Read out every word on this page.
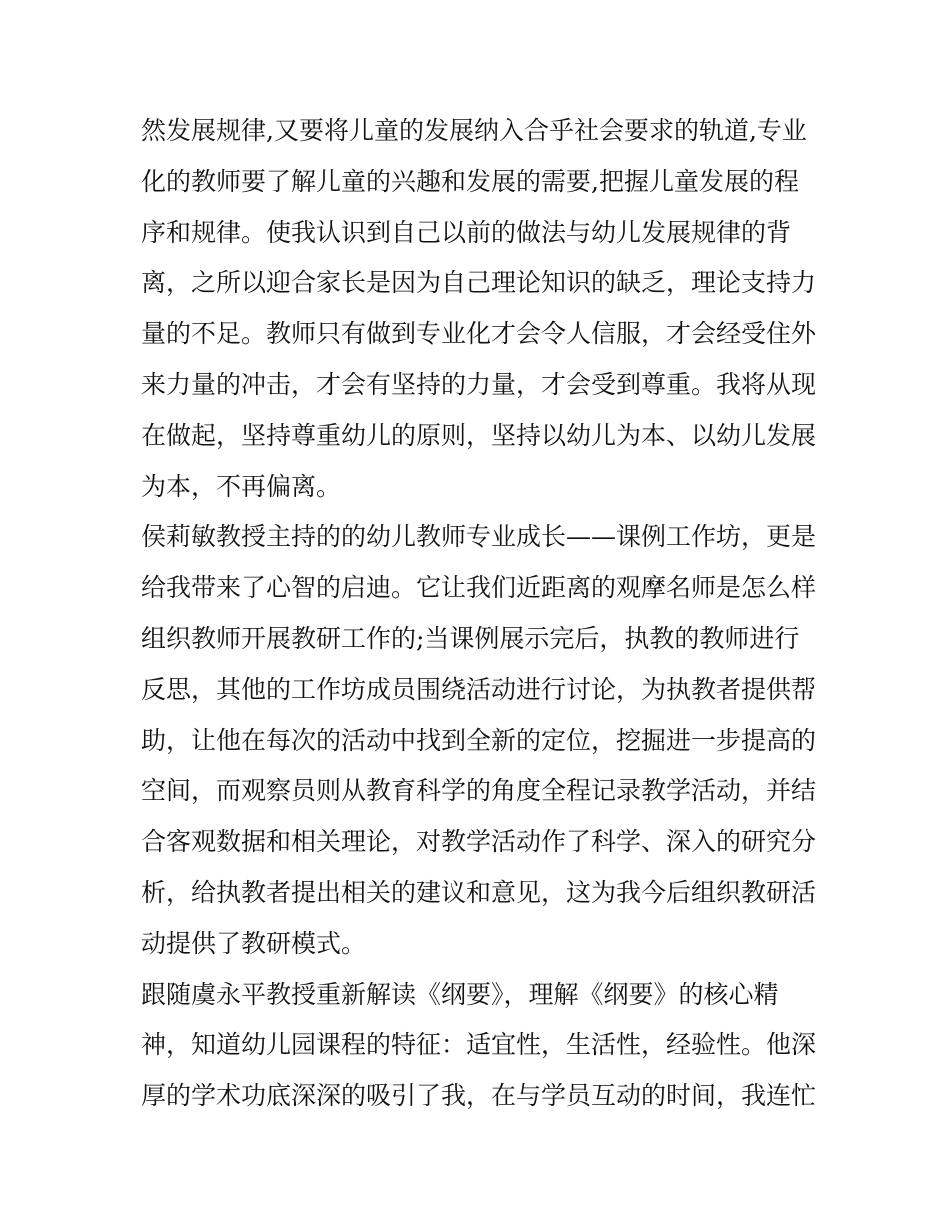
然发展规律,又要将儿童的发展纳入合乎社会要求的轨道,专业
化的教师要了解儿童的兴趣和发展的需要,把握儿童发展的程
序和规律。使我认识到自己以前的做法与幼儿发展规律的背
离，之所以迎合家长是因为自己理论知识的缺乏，理论支持力
量的不足。教师只有做到专业化才会令人信服，才会经受住外
来力量的冲击，才会有坚持的力量，才会受到尊重。我将从现
在做起，坚持尊重幼儿的原则，坚持以幼儿为本、以幼儿发展
为本，不再偏离。
侯莉敏教授主持的的幼儿教师专业成长——课例工作坊，更是
给我带来了心智的启迪。它让我们近距离的观摩名师是怎么样
组织教师开展教研工作的;当课例展示完后，执教的教师进行
反思，其他的工作坊成员围绕活动进行讨论，为执教者提供帮
助，让他在每次的活动中找到全新的定位，挖掘进一步提高的
空间，而观察员则从教育科学的角度全程记录教学活动，并结
合客观数据和相关理论，对教学活动作了科学、深入的研究分
析，给执教者提出相关的建议和意见，这为我今后组织教研活
动提供了教研模式。
跟随虞永平教授重新解读《纲要》，理解《纲要》的核心精
神，知道幼儿园课程的特征：适宜性，生活性，经验性。他深
厚的学术功底深深的吸引了我，在与学员互动的时间，我连忙
